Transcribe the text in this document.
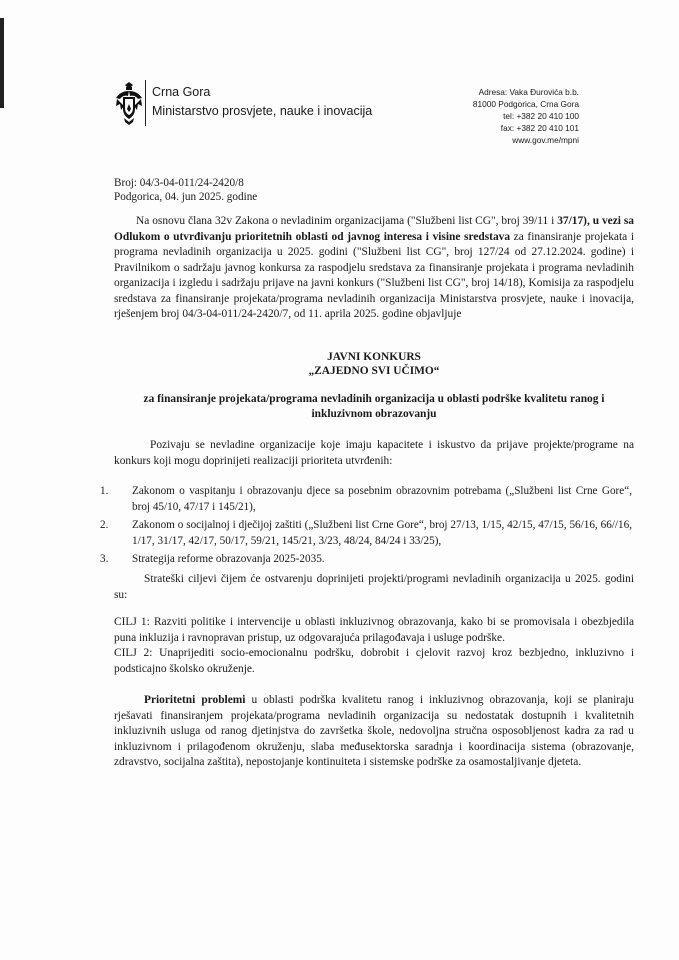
Crna Gora
Ministarstvo prosvjete, nauke i inovacija
Adresa: Vaka Đurovića b.b.
81000 Podgorica, Crna Gora
tel: +382 20 410 100
fax: +382 20 410 101
www.gov.me/mpni
Broj: 04/3-04-011/24-2420/8
Podgorica, 04. jun 2025. godine
Na osnovu člana 32v Zakona o nevladinim organizacijama ("Službeni list CG", broj 39/11 i 37/17), u vezi sa Odlukom o utvrđivanju prioritetnih oblasti od javnog interesa i visine sredstava za finansiranje projekata i programa nevladinih organizacija u 2025. godini ("Službeni list CG", broj 127/24 od 27.12.2024. godine) i Pravilnikom o sadržaju javnog konkursa za raspodjelu sredstava za finansiranje projekata i programa nevladinih organizacija i izgledu i sadržaju prijave na javni konkurs ("Službeni list CG", broj 14/18), Komisija za raspodjelu sredstava za finansiranje projekata/programa nevladinih organizacija Ministarstva prosvjete, nauke i inovacija, rješenjem broj 04/3-04-011/24-2420/7, od 11. aprila 2025. godine objavljuje
JAVNI KONKURS
„ZAJEDNO SVI UČIMO“
za finansiranje projekata/programa nevladinih organizacija u oblasti podrške kvalitetu ranog i inkluzivnom obrazovanju
Pozivaju se nevladine organizacije koje imaju kapacitete i iskustvo da prijave projekte/programe na konkurs koji mogu doprinijeti realizaciji prioriteta utvrđenih:
1. Zakonom o vaspitanju i obrazovanju djece sa posebnim obrazovnim potrebama („Službeni list Crne Gore“, broj 45/10, 47/17 i 145/21),
2. Zakonom o socijalnoj i dječijoj zaštiti („Službeni list Crne Gore“, broj 27/13, 1/15, 42/15, 47/15, 56/16, 66//16, 1/17, 31/17, 42/17, 50/17, 59/21, 145/21, 3/23, 48/24, 84/24 i 33/25),
3. Strategija reforme obrazovanja 2025-2035.
Strateški ciljevi čijem će ostvarenju doprinijeti projekti/programi nevladinih organizacija u 2025. godini su:
CILJ 1: Razviti politike i intervencije u oblasti inkluzivnog obrazovanja, kako bi se promovisala i obezbjedila puna inkluzija i ravnopravan pristup, uz odgovarajuća prilagođavaja i usluge podrške.
CILJ 2: Unaprijediti socio-emocionalnu podršku, dobrobit i cjelovit razvoj kroz bezbjedno, inkluzivno i podsticajno školsko okruženje.
Prioritetni problemi u oblasti podrška kvalitetu ranog i inkluzivnog obrazovanja, koji se planiraju rješavati finansiranjem projekata/programa nevladinih organizacija su nedostatak dostupnih i kvalitetnih inkluzivnih usluga od ranog djetinjstva do završetka škole, nedovoljna stručna osposobljenost kadra za rad u inkluzivnom i prilagođenom okruženju, slaba međusektorska saradnja i koordinacija sistema (obrazovanje, zdravstvo, socijalna zaštita), nepostojanje kontinuiteta i sistemske podrške za osamostaljivanje djeteta.
